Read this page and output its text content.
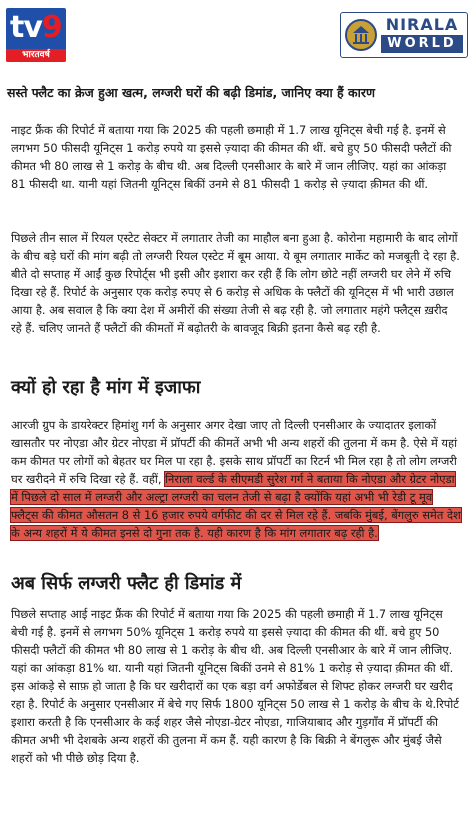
tv9
भारतवर्ष
NIRALA
WORLD
सस्ते फ्लैट का क्रेज हुआ खत्म, लग्जरी घरों की बढ़ी डिमांड, जानिए क्या हैं कारण

नाइट फ्रैंक की रिपोर्ट में बताया गया कि 2025 की पहली छमाही में 1.7 लाख यूनिट्स बेची गई है. इनमें से लगभग 50 फीसदी यूनिट्स 1 करोड़ रुपये या इससे ज़्यादा की कीमत की थीं. बचे हुए 50 फीसदी फ्लैटों की कीमत भी 80 लाख से 1 करोड़ के बीच थी. अब दिल्ली एनसीआर के बारे में जान लीजिए. यहां का आंकड़ा 81 फीसदी था. यानी यहां जितनी यूनिट्स बिकीं उनमे से 81 फीसदी 1 करोड़ से ज़्यादा क़ीमत की थीं.

पिछले तीन साल में रियल एस्टेट सेक्टर में लगातार तेजी का माहौल बना हुआ है. कोरोना महामारी के बाद लोगों के बीच बड़े घरों की मांग बढ़ी तो लग्जरी रियल एस्टेट में बूम आया. ये बूम लगातार मार्केट को मजबूती दे रहा है. बीते दो सप्ताह में आईं कुछ रिपोर्ट्स भी इसी और इशारा कर रही हैं कि लोग छोटे नहीं लग्जरी घर लेने में रुचि दिखा रहे हैं. रिपोर्ट के अनुसार एक करोड़ रुपए से 6 करोड़ से अधिक के फ्लैटों की यूनिट्स में भी भारी उछाल आया है. अब सवाल है कि क्या देश में अमीरों की संख्या तेजी से बढ़ रही है. जो लगातार महंगे फ्लैट्स ख़रीद रहे हैं. चलिए जानते हैं फ्लैटों की कीमतों में बढ़ोतरी के बावजूद बिक्री इतना कैसे बढ़ रही है.

क्यों हो रहा है मांग में इजाफा

आरजी ग्रुप के डायरेक्टर हिमांशु गर्ग के अनुसार अगर देखा जाए तो दिल्ली एनसीआर के ज्यादातर इलाकों खासतौर पर नोएडा और ग्रेटर नोएडा में प्रॉपर्टी की कीमतें अभी भी अन्य शहरों की तुलना में कम है. ऐसे में यहां कम कीमत पर लोगों को बेहतर घर मिल पा रहा है. इसके साथ प्रॉपर्टी का रिटर्न भी मिल रहा है तो लोग लग्जरी घर खरीदने में रुचि दिखा रहे हैं. वहीं, निराला वर्ल्ड के सीएमडी सुरेश गर्ग ने बताया कि नोएडा और ग्रेटर नोएडा में पिछले दो साल में लग्जरी और अल्ट्रा लग्जरी का चलन तेजी से बढ़ा है क्योंकि यहां अभी भी रेडी टू मूव फ्लैट्स की कीमत औसतन 8 से 16 हजार रुपये वर्गफीट की दर से मिल रहे हैं. जबकि मुंबई, बेंगलुरु समेत देश के अन्य शहरों में ये कीमत इनसे दो गुना तक है. यही कारण है कि मांग लगातार बढ़ रही है.

अब सिर्फ लग्जरी फ्लैट ही डिमांड में

पिछले सप्ताह आई नाइट फ्रैंक की रिपोर्ट में बताया गया कि 2025 की पहली छमाही में 1.7 लाख यूनिट्स बेची गई है. इनमें से लगभग 50% यूनिट्स 1 करोड़ रुपये या इससे ज़्यादा की कीमत की थीं. बचे हुए 50 फीसदी फ्लैटों की कीमत भी 80 लाख से 1 करोड़ के बीच थी. अब दिल्ली एनसीआर के बारे में जान लीजिए. यहां का आंकड़ा 81% था. यानी यहां जितनी यूनिट्स बिकीं उनमे से 81% 1 करोड़ से ज़्यादा क़ीमत की थीं. इस आंकड़े से साफ़ हो जाता है कि घर खरीदारों का एक बड़ा वर्ग अफोर्डेबल से शिफ्ट होकर लग्जरी घर खरीद रहा है. रिपोर्ट के अनुसार एनसीआर में बेचे गए सिर्फ 1800 यूनिट्स 50 लाख से 1 करोड़ के बीच के थे.रिपोर्ट इशारा करती है कि एनसीआर के कई शहर जैसे नोएडा-ग्रेटर नोएडा, गाजियाबाद और गुड़गाँव में प्रॉपर्टी की कीमत अभी भी देशबके अन्य शहरों की तुलना में कम हैं. यही कारण है कि बिक्री ने बेंगलुरू और मुंबई जैसे शहरों को भी पीछे छोड़ दिया है.
